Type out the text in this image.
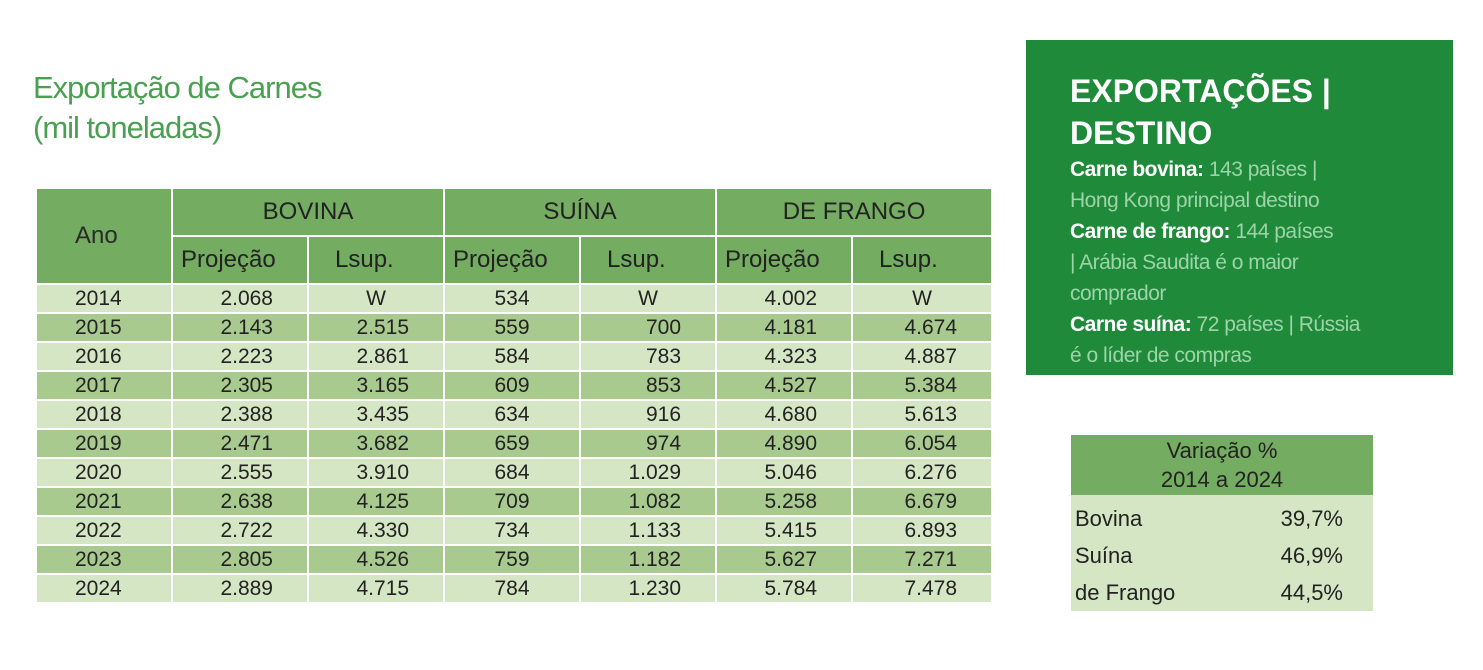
Exportação de Carnes
(mil toneladas)
Ano	BOVINA		SUÍNA		DE FRANGO	

	Projeção	Lsup.	Projeção	Lsup.	Projeção	Lsup.

2014	2.068	W	534	W	4.002	W
2015	2.143	2.515	559	700	4.181	4.674
2016	2.223	2.861	584	783	4.323	4.887
2017	2.305	3.165	609	853	4.527	5.384
2018	2.388	3.435	634	916	4.680	5.613
2019	2.471	3.682	659	974	4.890	6.054
2020	2.555	3.910	684	1.029	5.046	6.276
2021	2.638	4.125	709	1.082	5.258	6.679
2022	2.722	4.330	734	1.133	5.415	6.893
2023	2.805	4.526	759	1.182	5.627	7.271
2024	2.889	4.715	784	1.230	5.784	7.478
EXPORTAÇÕES |
DESTINO
Carne bovina: 143 países |
Hong Kong principal destino
Carne de frango: 144 países
| Arábia Saudita é o maior
comprador
Carne suína: 72 países | Rússia
é o líder de compras
Variação %
2014 a 2024	

Bovina	39,7%
Suína	46,9%
de Frango	44,5%
